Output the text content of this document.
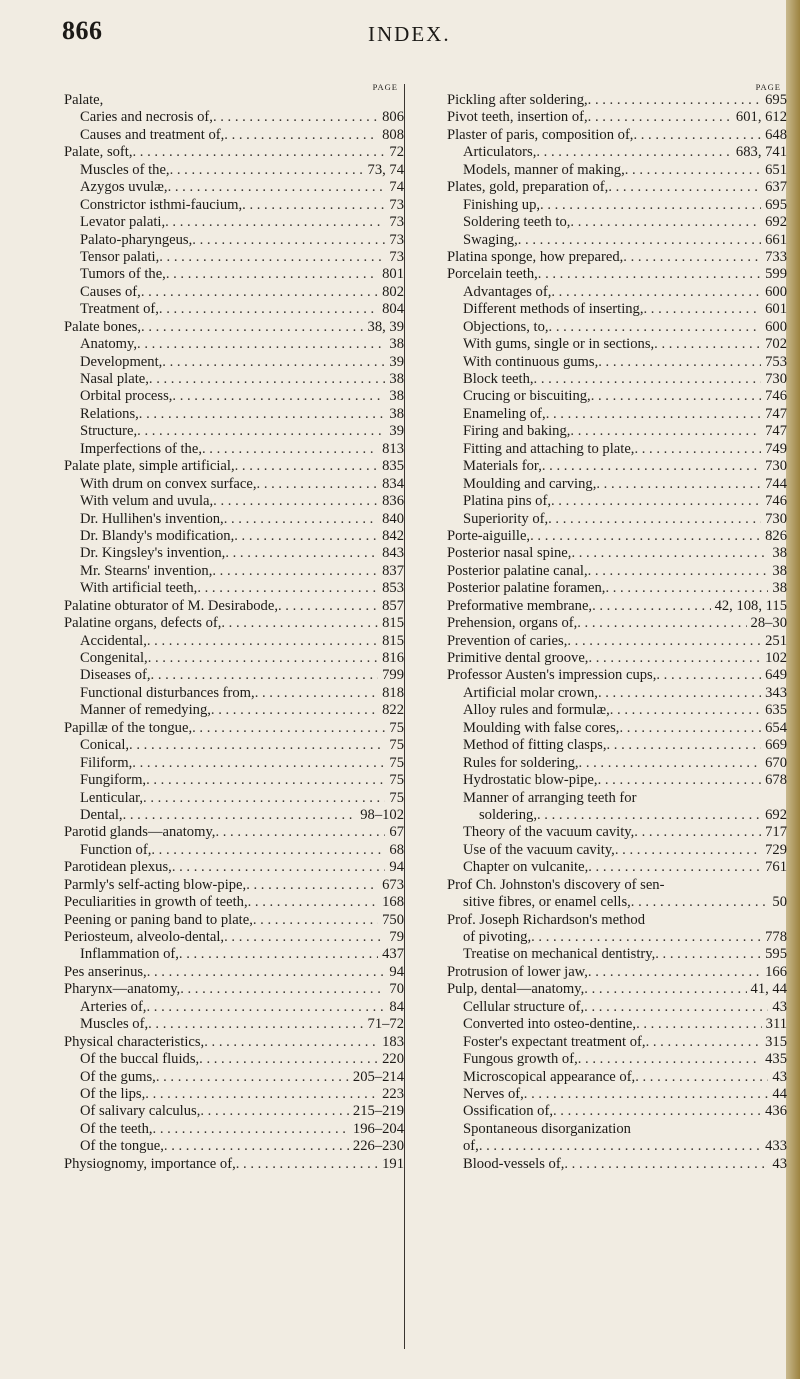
866	INDEX.
PAGE
Palate,
Caries and necrosis of, . . .	806
Causes and treatment of, . . .	808
Palate, soft, . . .	72
Muscles of the, . . .	73, 74
Azygos uvulæ, . . .	74
Constrictor isthmi-faucium, . . .	73
Levator palati, . . .	73
Palato-pharyngeus, . . .	73
Tensor palati, . . .	73
Tumors of the, . . .	801
Causes of, . . .	802
Treatment of, . . .	804
Palate bones, . . .	38, 39
Anatomy, . . .	38
Development, . . .	39
Nasal plate, . . .	38
Orbital process, . . .	38
Relations, . . .	38
Structure, . . .	39
Imperfections of the, . . .	813
Palate plate, simple artificial, . . .	835
With drum on convex surface, . . .	834
With velum and uvula, . . .	836
Dr. Hullihen's invention, . . .	840
Dr. Blandy's modification, . . .	842
Dr. Kingsley's invention, . . .	843
Mr. Stearns' invention, . . .	837
With artificial teeth, . . .	853
Palatine obturator of M. Desirabode, . . .	857
Palatine organs, defects of, . . .	815
Accidental, . . .	815
Congenital, . . .	816
Diseases of, . . .	799
Functional disturbances from, . . .	818
Manner of remedying, . . .	822
Papillæ of the tongue, . . .	75
Conical, . . .	75
Filiform, . . .	75
Fungiform, . . .	75
Lenticular, . . .	75
Dental, . . .	98–102
Parotid glands—anatomy, . . .	67
Function of, . . .	68
Parotidean plexus, . . .	94
Parmly's self-acting blow-pipe, . . .	673
Peculiarities in growth of teeth, . . .	168
Peening or paning band to plate, . . .	750
Periosteum, alveolo-dental, . . .	79
Inflammation of, . . .	437
Pes anserinus, . . .	94
Pharynx—anatomy, . . .	70
Arteries of, . . .	84
Muscles of, . . .	71–72
Physical characteristics, . . .	183
Of the buccal fluids, . . .	220
Of the gums, . . .	205–214
Of the lips, . . .	223
Of salivary calculus, . . .	215–219
Of the teeth, . . .	196–204
Of the tongue, . . .	226–230
Physiognomy, importance of, . . .	191
PAGE
Pickling after soldering, . . .	695
Pivot teeth, insertion of, . . .	601, 612
Plaster of paris, composition of, . . .	648
Articulators, . . .	683, 741
Models, manner of making, . . .	651
Plates, gold, preparation of, . . .	637
Finishing up, . . .	695
Soldering teeth to, . . .	692
Swaging, . . .	661
Platina sponge, how prepared, . . .	733
Porcelain teeth, . . .	599
Advantages of, . . .	600
Different methods of inserting, . . .	601
Objections, to, . . .	600
With gums, single or in sections, . . .	702
With continuous gums, . . .	753
Block teeth, . . .	730
Crucing or biscuiting, . . .	746
Enameling of, . . .	747
Firing and baking, . . .	747
Fitting and attaching to plate, . . .	749
Materials for, . . .	730
Moulding and carving, . . .	744
Platina pins of, . . .	746
Superiority of, . . .	730
Porte-aiguille, . . .	826
Posterior nasal spine, . . .	38
Posterior palatine canal, . . .	38
Posterior palatine foramen, . . .	38
Preformative membrane, . . .	42, 108, 115
Prehension, organs of, . . .	28–30
Prevention of caries, . . .	251
Primitive dental groove, . . .	102
Professor Austen's impression cups, . . .	649
Artificial molar crown, . . .	343
Alloy rules and formulæ, . . .	635
Moulding with false cores, . . .	654
Method of fitting clasps, . . .	669
Rules for soldering, . . .	670
Hydrostatic blow-pipe, . . .	678
Manner of arranging teeth for
soldering, . . .	692
Theory of the vacuum cavity, . . .	717
Use of the vacuum cavity, . . .	729
Chapter on vulcanite, . . .	761
Prof Ch. Johnston's discovery of sen-
sitive fibres, or enamel cells, . . .	50
Prof. Joseph Richardson's method
of pivoting, . . .	778
Treatise on mechanical dentistry, . . .	595
Protrusion of lower jaw, . . .	166
Pulp, dental—anatomy, . . .	41, 44
Cellular structure of, . . .	43
Converted into osteo-dentine, . . .	311
Foster's expectant treatment of, . . .	315
Fungous growth of, . . .	435
Microscopical appearance of, . . .	43
Nerves of, . . .	44
Ossification of, . . .	436
Spontaneous disorganization
of, . . .	433
Blood-vessels of, . . .	43
